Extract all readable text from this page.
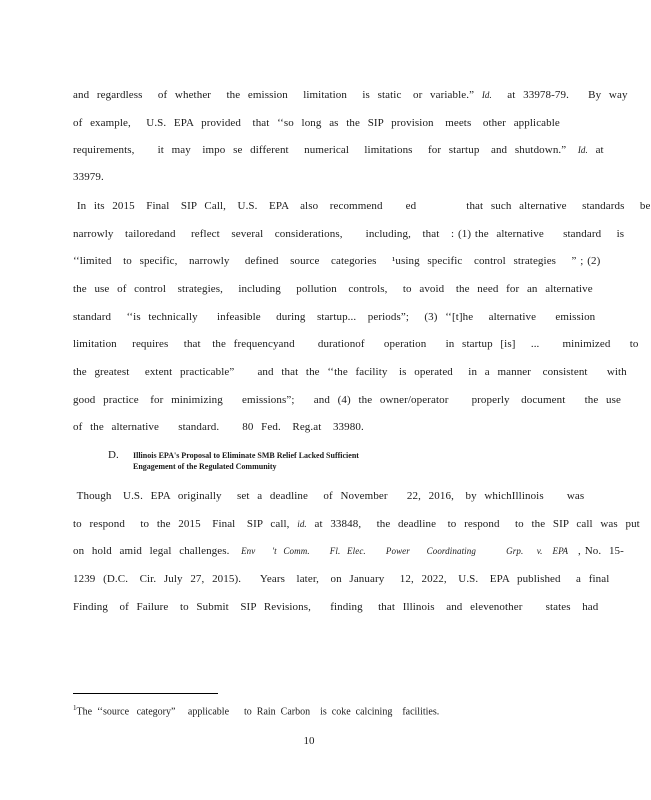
and  regardless    of  whether    the  emission    limitation    is  static   or  variable.”  Id.    at  33978-79.     By  way
of  example,    U.S.  EPA  provided   that  ‘‘so  long  as  the  SIP  provision   meets   other  applicable
requirements,      it  may   impo  se  different    numerical    limitations    for  startup   and  shutdown.”   Id.  at
33979.
In  its  2015   Final   SIP  Call,   U.S.   EPA   also   recommend      ed             that  such  alternative    standards    be
narrowly   tailoredand    reflect   several   considerations,      including,   that   : (1) the  alternative     standard    is
‘‘limited   to  specific,   narrowly    defined   source   categories    ¹using  specific   control  strategies    ” ; (2)
the  use  of  control   strategies,    including    pollution   controls,    to  avoid   the  need  for  an  alternative
standard    ‘‘is  technically     infeasible    during   startup...   periods”;    (3)  ‘‘[t]he    alternative     emission
limitation    requires    that   the  frequencyand      durationof     operation     in  startup  [is]    ...      minimized     to
the  greatest    extent  practicable”      and  that  the  ‘‘the  facility   is  operated    in  a  manner   consistent     with
good  practice   for  minimizing     emissions”;     and  (4)  the  owner/operator      properly   document     the  use
of  the  alternative     standard.      80  Fed.   Reg.at   33980.
D. Illinois EPA's Proposal to Eliminate SMB Relief Lacked Sufficient
Engagement of the Regulated Community
Though   U.S.  EPA  originally    set  a  deadline    of  November     22,  2016,   by  whichIllinois      was
to  respond    to  the  2015   Final   SIP  call,  id.  at  33848,    the  deadline   to  respond    to  the  SIP  call  was  put
on  hold  amid  legal  challenges.   Env     't  Comm.      Fl.  Elec.      Power     Coordinating         Grp.    v.   EPA   , No.  15-
1239  (D.C.   Cir.  July  27,  2015).     Years   later,   on  January    12,  2022,   U.S.   EPA  published    a  final
Finding   of  Failure   to  Submit   SIP  Revisions,     finding    that  Illinois   and  elevenother      states   had
$^1$The  ‘‘source   category”     applicable      to  Rain  Carbon    is  coke  calcining    facilities.
10
